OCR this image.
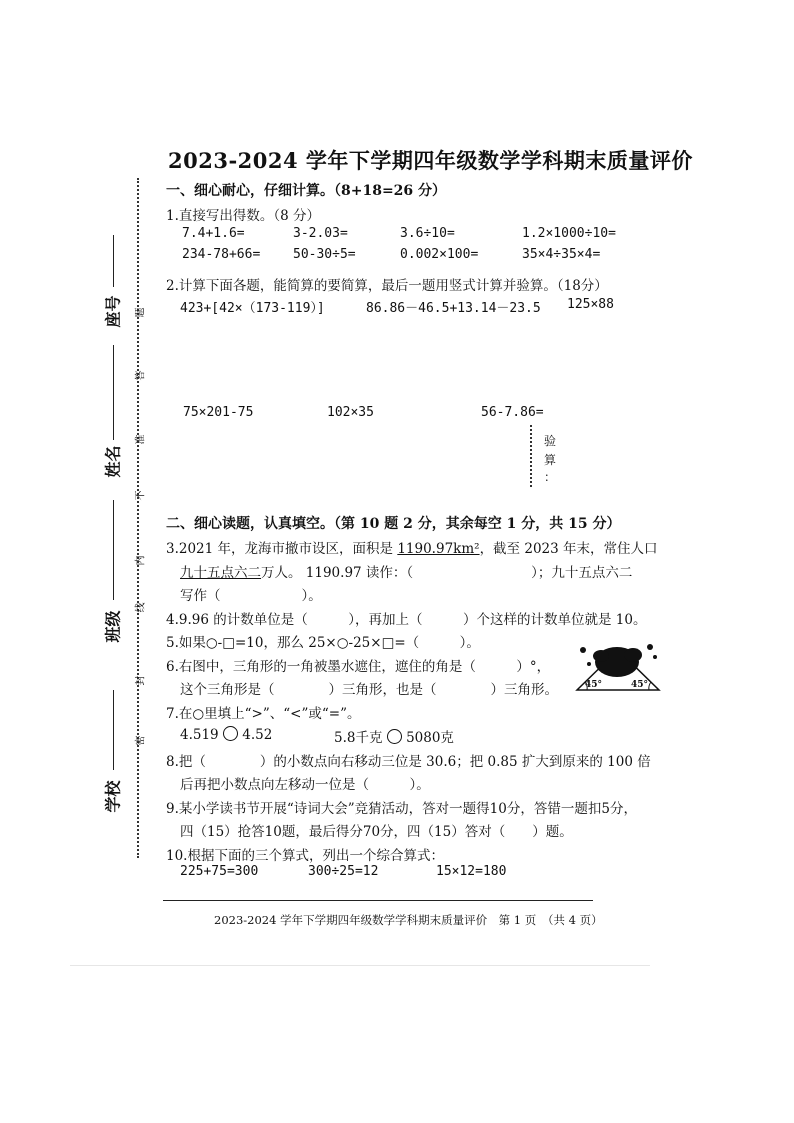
2023-2024 学年下学期四年级数学学科期末质量评价
学校
班级
姓名
座号
密
封
线
内
不
准
答
题
一、细心耐心，仔细计算。（8+18=26 分）
1.直接写出得数。（8 分）
7.4+1.6=	3-2.03=	3.6÷10=	1.2×1000÷10=
234-78+66=	50-30÷5=	0.002×100=	35×4÷35×4=
2.计算下面各题，能简算的要简算，最后一题用竖式计算并验算。（18分）
423+[42×（173-119）]	86.86－46.5+13.14－23.5 125×88
75×201-75	102×35	56-7.86=
验
算
：
二、细心读题，认真填空。（第 10 题 2 分，其余每空 1 分，共 15 分）
3.2021 年，龙海市撤市设区，面积是 1190.97km²，截至 2023 年末，常住人口
九十五点六二万人。 1190.97 读作：（	）；九十五点六二
写作（　　　　　　）。
4.9.96 的计数单位是（　　　），再加上（　　　）个这样的计数单位就是 10。
5.如果○-□=10，那么 25×○-25×□=（　　　）。
6.右图中，三角形的一角被墨水遮住，遮住的角是（　　　）°，
这个三角形是（　　　　）三角形，也是（　　　　）三角形。	45°	45°
7.在○里填上“>”、“<”或“=”。
4.519 4.52	5.8千克 5080克
8.把（　　　　）的小数点向右移动三位是 30.6；把 0.85 扩大到原来的 100 倍
后再把小数点向左移动一位是（　　　）。
9.某小学读书节开展“诗词大会”竞猜活动，答对一题得10分，答错一题扣5分，
四（15）抢答10题，最后得分70分，四（15）答对（　　）题。
10.根据下面的三个算式，列出一个综合算式：
225+75=300	300÷25=12	15×12=180
2023-2024 学年下学期四年级数学学科期末质量评价　第 1 页　（共 4 页）
